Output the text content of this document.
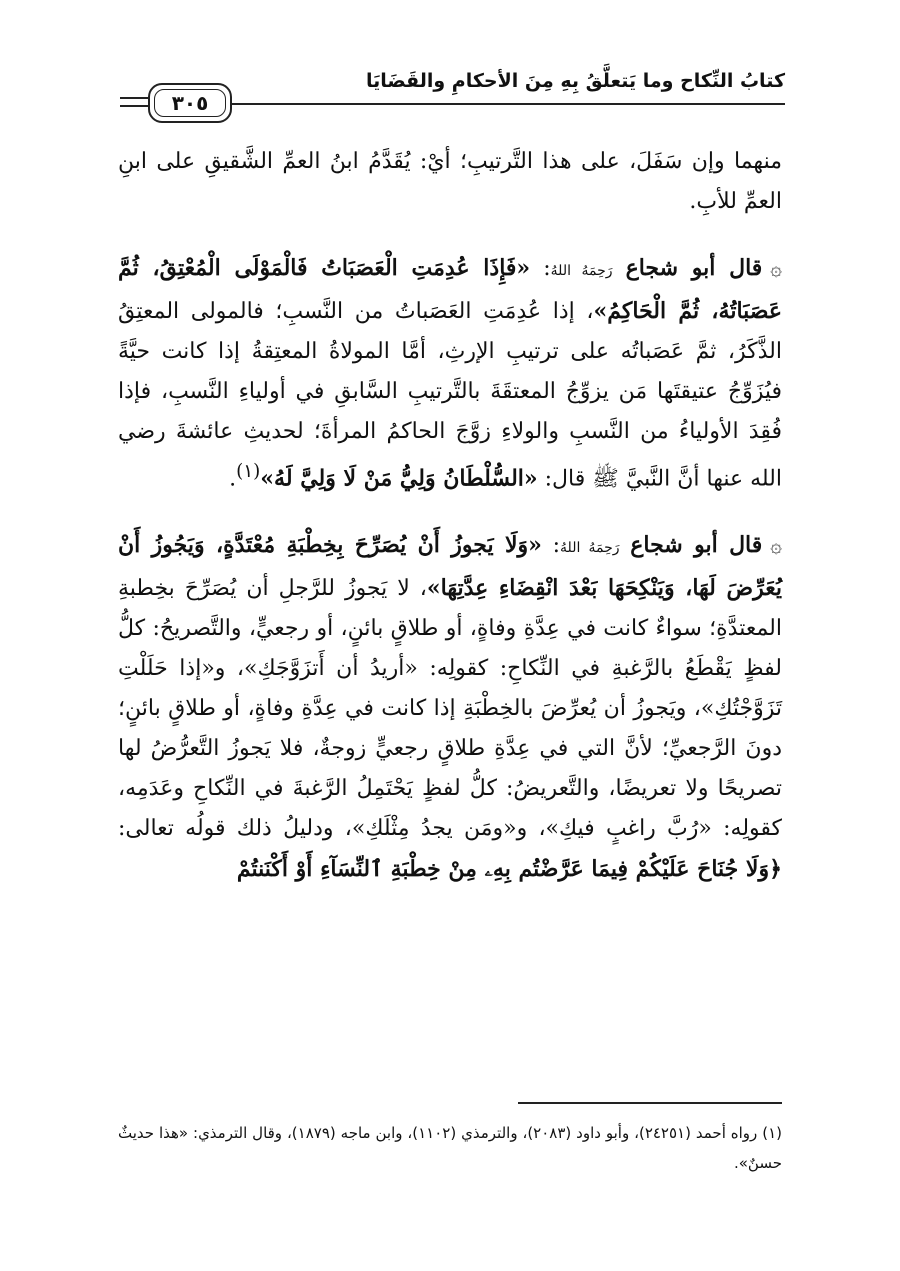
كتابُ النِّكاح وما يَتعلَّقُ بِهِ مِنَ الأحكامِ والقَضَايَا
٣٠٥

منهما وإن سَفَلَ، على هذا التَّرتيبِ؛ أيْ: يُقَدَّمُ ابنُ العمِّ الشَّقيقِ على ابنِ العمِّ للأبِ.

۞قال أبو شجاع رَحِمَهُ اللهُ: «فَإِذَا عُدِمَتِ الْعَصَبَاتُ فَالْمَوْلَى الْمُعْتِقُ، ثُمَّ عَصَبَاتُهُ، ثُمَّ الْحَاكِمُ»، إذا عُدِمَتِ العَصَباتُ من النَّسبِ؛ فالمولى المعتِقُ الذَّكَرُ، ثمَّ عَصَباتُه على ترتيبِ الإرثِ، أمَّا المولاةُ المعتِقةُ إذا كانت حيَّةً فيُزَوِّجُ عتيقتَها مَن يزوِّجُ المعتقَةَ بالتَّرتيبِ السَّابقِ في أولياءِ النَّسبِ، فإذا فُقِدَ الأولياءُ من النَّسبِ والولاءِ زوَّجَ الحاكمُ المرأةَ؛ لحديثِ عائشةَ رضي الله عنها أنَّ النَّبيَّ ﷺ قال: «السُّلْطَانُ وَلِيُّ مَنْ لَا وَلِيَّ لَهُ»$^{(١)}$.

۞قال أبو شجاع رَحِمَهُ اللهُ: «وَلَا يَجوزُ أَنْ يُصَرِّحَ بِخِطْبَةِ مُعْتَدَّةٍ، وَيَجُوزُ أَنْ يُعَرِّضَ لَهَا، وَيَنْكِحَهَا بَعْدَ انْقِضَاءِ عِدَّتِهَا»، لا يَجوزُ للرَّجلِ أن يُصَرِّحَ بخِطبةِ المعتدَّةِ؛ سواءٌ كانت في عِدَّةِ وفاةٍ، أو طلاقٍ بائنٍ، أو رجعيٍّ، والتَّصريحُ: كلُّ لفظٍ يَقْطَعُ بالرَّغبةِ في النِّكاحِ: كقولِه: «أريدُ أن أَتزَوَّجَكِ»، و«إذا حَلَلْتِ تَزَوَّجْتُكِ»، ويَجوزُ أن يُعرِّضَ بالخِطْبَةِ إذا كانت في عِدَّةِ وفاةٍ، أو طلاقٍ بائنٍ؛ دونَ الرَّجعيِّ؛ لأنَّ التي في عِدَّةِ طلاقٍ رجعيٍّ زوجةٌ، فلا يَجوزُ التَّعرُّضُ لها تصريحًا ولا تعريضًا، والتَّعريضُ: كلُّ لفظٍ يَحْتَمِلُ الرَّغبةَ في النِّكاحِ وعَدَمِه، كقولِه: «رُبَّ راغبٍ فيكِ»، و«ومَن يجدُ مِثْلَكِ»، ودليلُ ذلك قولُه تعالى: ﴿وَلَا جُنَاحَ عَلَيْكُمْ فِيمَا عَرَّضْتُم بِهِۦ مِنْ خِطْبَةِ ٱلنِّسَآءِ أَوْ أَكْنَنتُمْ

(١) رواه أحمد (٢٤٢٥١)، وأبو داود (٢٠٨٣)، والترمذي (١١٠٢)، وابن ماجه (١٨٧٩)، وقال الترمذي: «هذا حديثٌ حسنٌ».
